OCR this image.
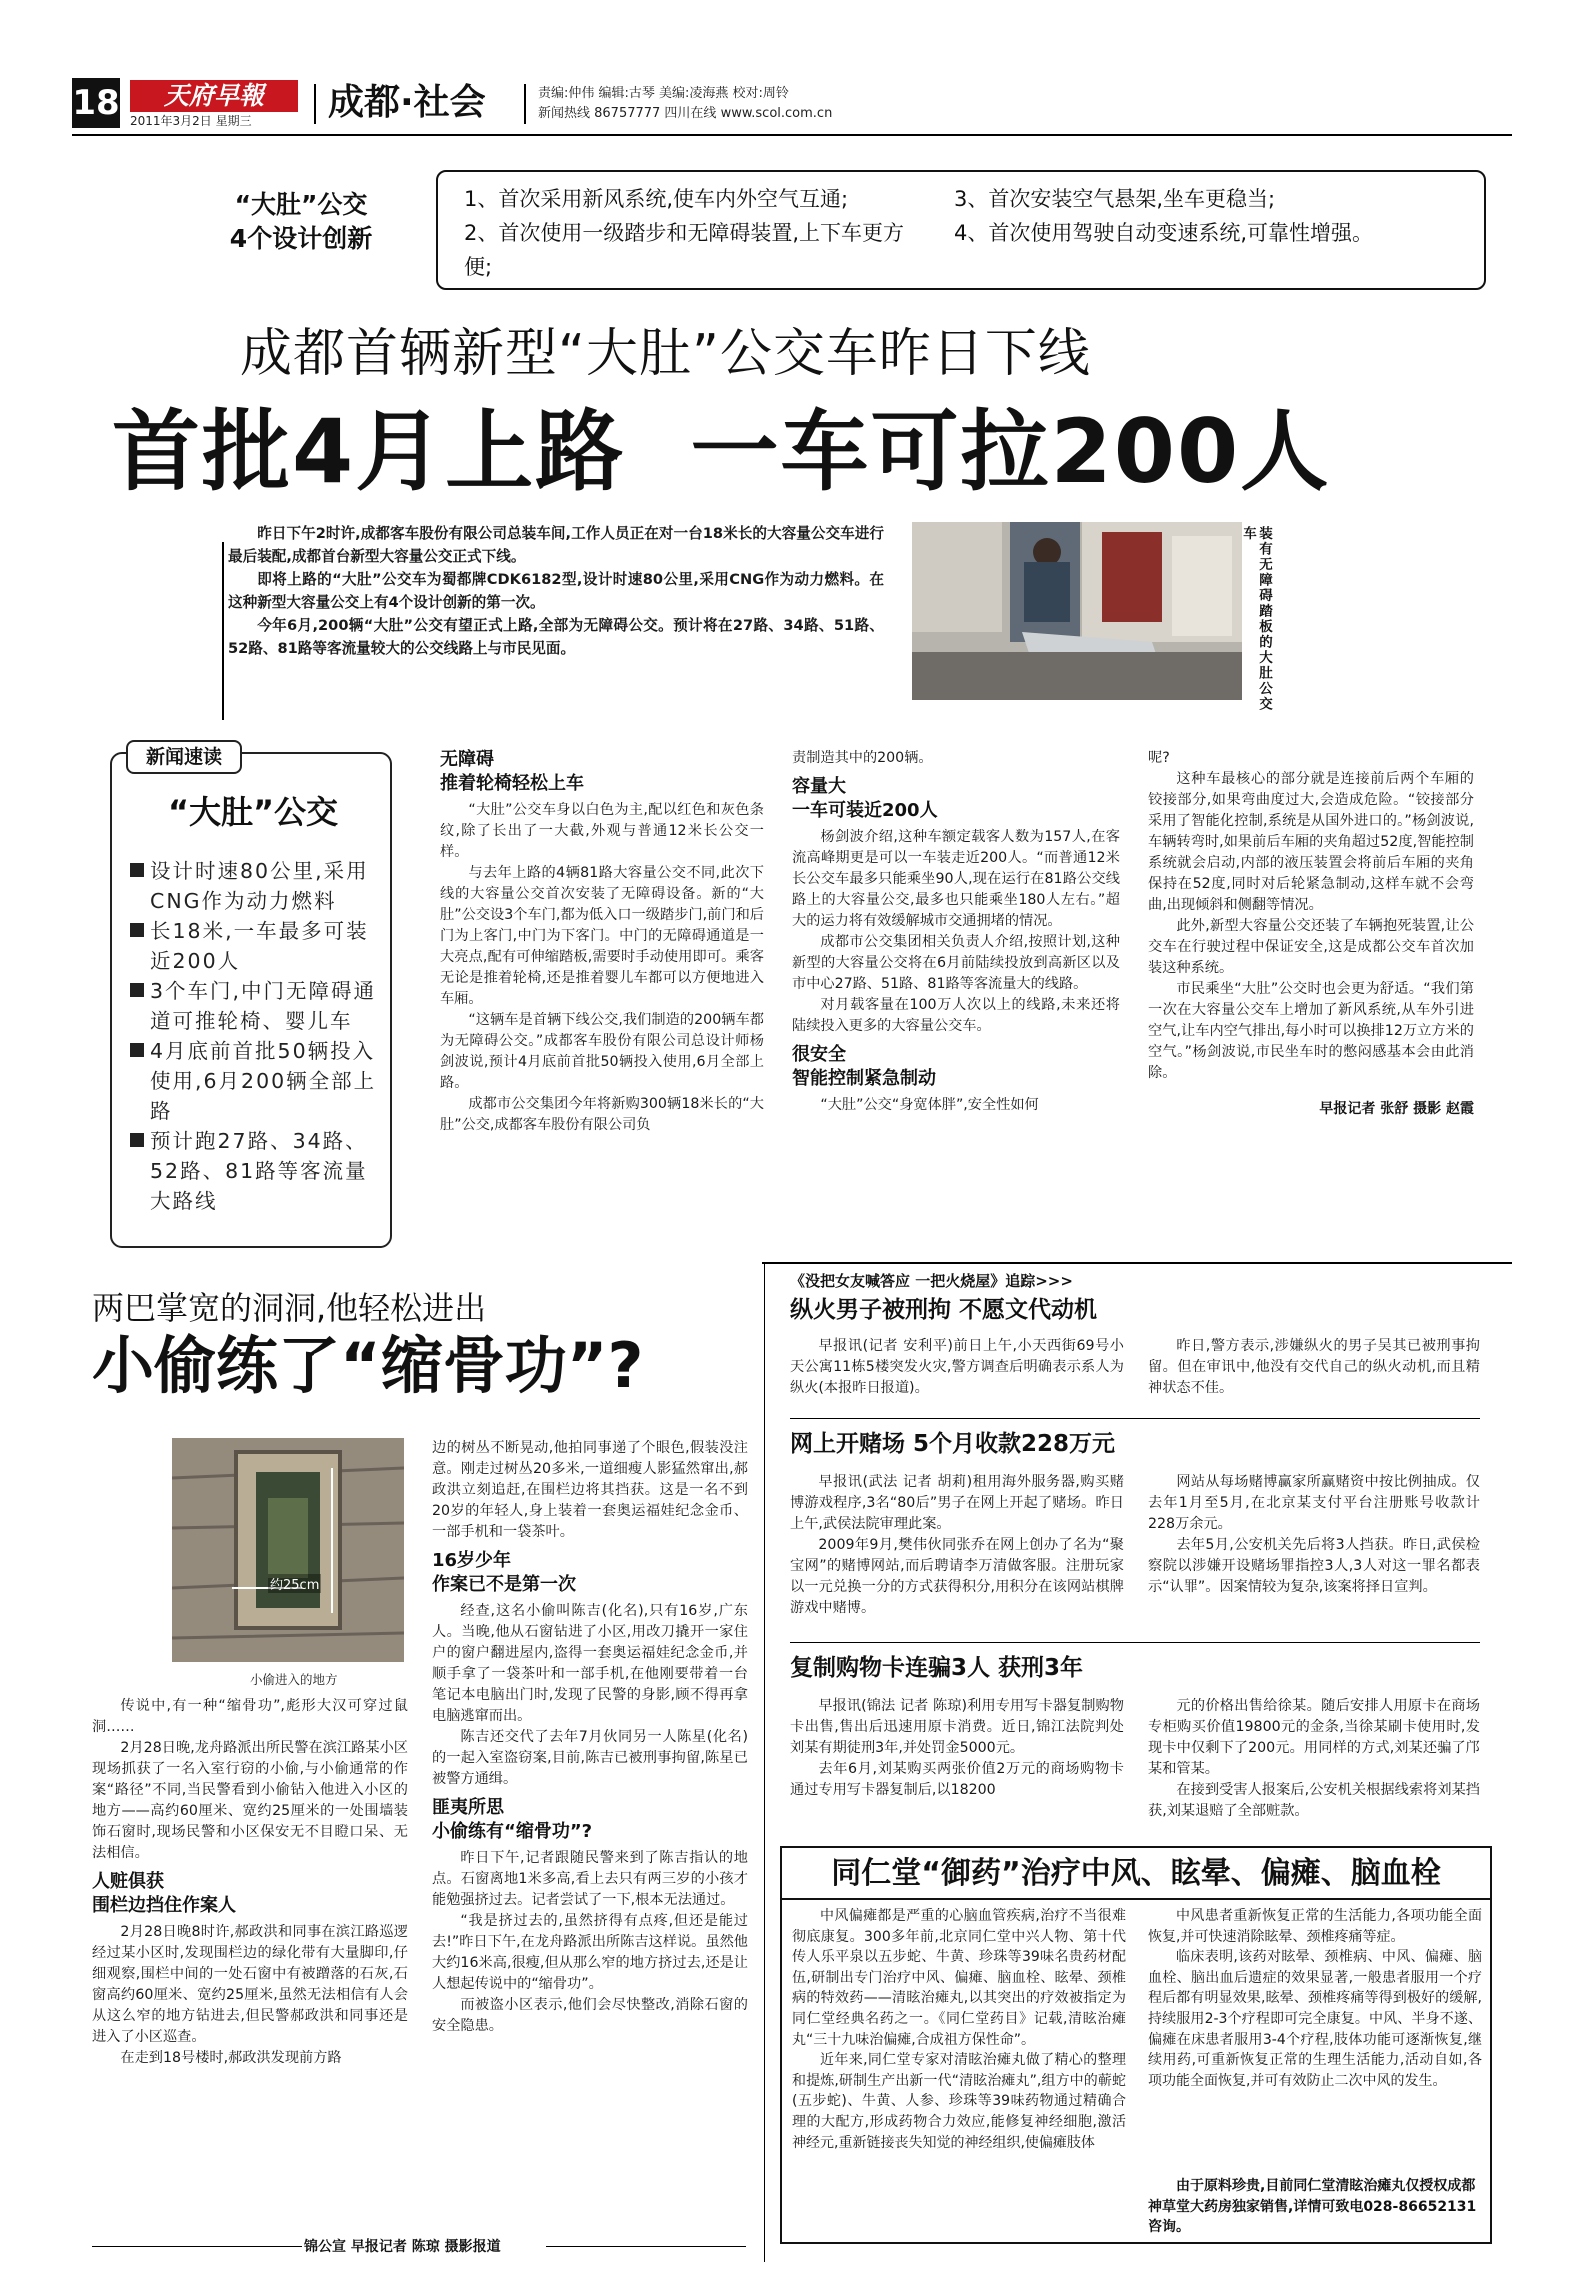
18	天府早報
2011年3月2日 星期三	成都·社会	责编:仲伟 编辑:古琴 美编:凌海燕 校对:周铃
新闻热线 86757777 四川在线 www.scol.com.cn
“大肚”公交
4个设计创新
1、首次采用新风系统,使车内外空气互通;
2、首次使用一级踏步和无障碍装置,上下车更方便;
3、首次安装空气悬架,坐车更稳当;
4、首次使用驾驶自动变速系统,可靠性增强。
成都首辆新型“大肚”公交车昨日下线
首批4月上路  一车可拉200人

昨日下午2时许,成都客车股份有限公司总装车间,工作人员正在对一台18米长的大容量公交车进行最后装配,成都首台新型大容量公交正式下线。

即将上路的“大肚”公交车为蜀都牌CDK6182型,设计时速80公里,采用CNG作为动力燃料。在这种新型大容量公交上有4个设计创新的第一次。

今年6月,200辆“大肚”公交有望正式上路,全部为无障碍公交。预计将在27路、34路、51路、52路、81路等客流量较大的公交线路上与市民见面。	装有无障碍踏板的大肚公交车
新闻速读
“大肚”公交
设计时速80公里,采用CNG作为动力燃料
长18米,一车最多可装近200人
3个车门,中门无障碍通道可推轮椅、婴儿车
4月底前首批50辆投入使用,6月200辆全部上路
预计跑27路、34路、52路、81路等客流量大路线
无障碍
推着轮椅轻松上车

“大肚”公交车身以白色为主,配以红色和灰色条纹,除了长出了一大截,外观与普通12米长公交一样。

与去年上路的4辆81路大容量公交不同,此次下线的大容量公交首次安装了无障碍设备。新的“大肚”公交设3个车门,都为低入口一级踏步门,前门和后门为上客门,中门为下客门。中门的无障碍通道是一大亮点,配有可伸缩踏板,需要时手动使用即可。乘客无论是推着轮椅,还是推着婴儿车都可以方便地进入车厢。

“这辆车是首辆下线公交,我们制造的200辆车都为无障碍公交。”成都客车股份有限公司总设计师杨剑波说,预计4月底前首批50辆投入使用,6月全部上路。

成都市公交集团今年将新购300辆18米长的“大肚”公交,成都客车股份有限公司负

责制造其中的200辆。

容量大
一车可装近200人

杨剑波介绍,这种车额定载客人数为157人,在客流高峰期更是可以一车装走近200人。“而普通12米长公交车最多只能乘坐90人,现在运行在81路公交线路上的大容量公交,最多也只能乘坐180人左右。”超大的运力将有效缓解城市交通拥堵的情况。

成都市公交集团相关负责人介绍,按照计划,这种新型的大容量公交将在6月前陆续投放到高新区以及市中心27路、51路、81路等客流量大的线路。

对月载客量在100万人次以上的线路,未来还将陆续投入更多的大容量公交车。

很安全
智能控制紧急制动

“大肚”公交“身宽体胖”,安全性如何

呢?

这种车最核心的部分就是连接前后两个车厢的铰接部分,如果弯曲度过大,会造成危险。“铰接部分采用了智能化控制,系统是从国外进口的。”杨剑波说,车辆转弯时,如果前后车厢的夹角超过52度,智能控制系统就会启动,内部的液压装置会将前后车厢的夹角保持在52度,同时对后轮紧急制动,这样车就不会弯曲,出现倾斜和侧翻等情况。

此外,新型大容量公交还装了车辆抱死装置,让公交车在行驶过程中保证安全,这是成都公交车首次加装这种系统。

市民乘坐“大肚”公交时也会更为舒适。“我们第一次在大容量公交车上增加了新风系统,从车外引进空气,让车内空气排出,每小时可以换排12万立方米的空气。”杨剑波说,市民坐车时的憋闷感基本会由此消除。

早报记者 张舒 摄影 赵霞
两巴掌宽的洞洞,他轻松进出
小偷练了“缩骨功”?
约25cm
小偷进入的地方

传说中,有一种“缩骨功”,彪形大汉可穿过鼠洞……

2月28日晚,龙舟路派出所民警在滨江路某小区现场抓获了一名入室行窃的小偷,与小偷通常的作案“路径”不同,当民警看到小偷钻入他进入小区的地方——高约60厘米、宽约25厘米的一处围墙装饰石窗时,现场民警和小区保安无不目瞪口呆、无法相信。

人赃俱获
围栏边挡住作案人

2月28日晚8时许,郝政洪和同事在滨江路巡逻经过某小区时,发现围栏边的绿化带有大量脚印,仔细观察,围栏中间的一处石窗中有被蹭落的石灰,石窗高约60厘米、宽约25厘米,虽然无法相信有人会从这么窄的地方钻进去,但民警郝政洪和同事还是进入了小区巡查。

在走到18号楼时,郝政洪发现前方路

边的树丛不断晃动,他拍同事递了个眼色,假装没注意。刚走过树丛20多米,一道细瘦人影猛然窜出,郝政洪立刻追赶,在围栏边将其挡获。这是一名不到20岁的年轻人,身上装着一套奥运福娃纪念金币、一部手机和一袋茶叶。

16岁少年
作案已不是第一次

经查,这名小偷叫陈吉(化名),只有16岁,广东人。当晚,他从石窗钻进了小区,用改刀撬开一家住户的窗户翻进屋内,盗得一套奥运福娃纪念金币,并顺手拿了一袋茶叶和一部手机,在他刚要带着一台笔记本电脑出门时,发现了民警的身影,顾不得再拿电脑逃窜而出。

陈吉还交代了去年7月伙同另一人陈星(化名)的一起入室盗窃案,目前,陈吉已被刑事拘留,陈星已被警方通缉。

匪夷所思
小偷练有“缩骨功”?

昨日下午,记者跟随民警来到了陈吉指认的地点。石窗离地1米多高,看上去只有两三岁的小孩才能勉强挤过去。记者尝试了一下,根本无法通过。

“我是挤过去的,虽然挤得有点疼,但还是能过去!”昨日下午,在龙舟路派出所陈吉这样说。虽然他大约16米高,很瘦,但从那么窄的地方挤过去,还是让人想起传说中的“缩骨功”。

而被盗小区表示,他们会尽快整改,消除石窗的安全隐患。

锦公宣 早报记者 陈琼 摄影报道
《没把女友喊答应 一把火烧屋》追踪>>>
纵火男子被刑拘 不愿文代动机

早报讯(记者 安利平)前日上午,小天西街69号小天公寓11栋5楼突发火灾,警方调查后明确表示系人为纵火(本报昨日报道)。

昨日,警方表示,涉嫌纵火的男子吴其已被刑事拘留。但在审讯中,他没有交代自己的纵火动机,而且精神状态不佳。

网上开赌场 5个月收款228万元

早报讯(武法 记者 胡莉)租用海外服务器,购买赌博游戏程序,3名“80后”男子在网上开起了赌场。昨日上午,武侯法院审理此案。

2009年9月,樊伟伙同张乔在网上创办了名为“聚宝网”的赌博网站,而后聘请李万清做客服。注册玩家以一元兑换一分的方式获得积分,用积分在该网站棋牌游戏中赌博。

网站从每场赌博赢家所赢赌资中按比例抽成。仅去年1月至5月,在北京某支付平台注册账号收款计228万余元。

去年5月,公安机关先后将3人挡获。昨日,武侯检察院以涉嫌开设赌场罪指控3人,3人对这一罪名都表示“认罪”。因案情较为复杂,该案将择日宣判。

复制购物卡连骗3人 获刑3年

早报讯(锦法 记者 陈琼)利用专用写卡器复制购物卡出售,售出后迅速用原卡消费。近日,锦江法院判处刘某有期徒刑3年,并处罚金5000元。

去年6月,刘某购买两张价值2万元的商场购物卡通过专用写卡器复制后,以18200

元的价格出售给徐某。随后安排人用原卡在商场专柜购买价值19800元的金条,当徐某刷卡使用时,发现卡中仅剩下了200元。用同样的方式,刘某还骗了邝某和管某。

在接到受害人报案后,公安机关根据线索将刘某挡获,刘某退赔了全部赃款。

同仁堂“御药”治疗中风、眩晕、偏瘫、脑血栓

中风偏瘫都是严重的心脑血管疾病,治疗不当很难彻底康复。300多年前,北京同仁堂中兴人物、第十代传人乐平泉以五步蛇、牛黄、珍珠等39味名贵药材配伍,研制出专门治疗中风、偏瘫、脑血栓、眩晕、颈椎病的特效药——清眩治瘫丸,以其突出的疗效被指定为同仁堂经典名药之一。《同仁堂药目》记载,清眩治瘫丸“三十九味治偏瘫,合成祖方保性命”。

近年来,同仁堂专家对清眩治瘫丸做了精心的整理和提炼,研制生产出新一代“清眩治瘫丸”,组方中的蕲蛇(五步蛇)、牛黄、人参、珍珠等39味药物通过精确合理的大配方,形成药物合力效应,能修复神经细胞,激活神经元,重新链接丧失知觉的神经组织,使偏瘫肢体

中风患者重新恢复正常的生活能力,各项功能全面恢复,并可快速消除眩晕、颈椎疼痛等症。

临床表明,该药对眩晕、颈椎病、中风、偏瘫、脑血栓、脑出血后遗症的效果显著,一般患者服用一个疗程后都有明显效果,眩晕、颈椎疼痛等得到极好的缓解,持续服用2-3个疗程即可完全康复。中风、半身不遂、偏瘫在床患者服用3-4个疗程,肢体功能可逐渐恢复,继续用药,可重新恢复正常的生理生活能力,活动自如,各项功能全面恢复,并可有效防止二次中风的发生。

由于原料珍贵,目前同仁堂清眩治瘫丸仅授权成都神草堂大药房独家销售,详情可致电028-86652131咨询。
